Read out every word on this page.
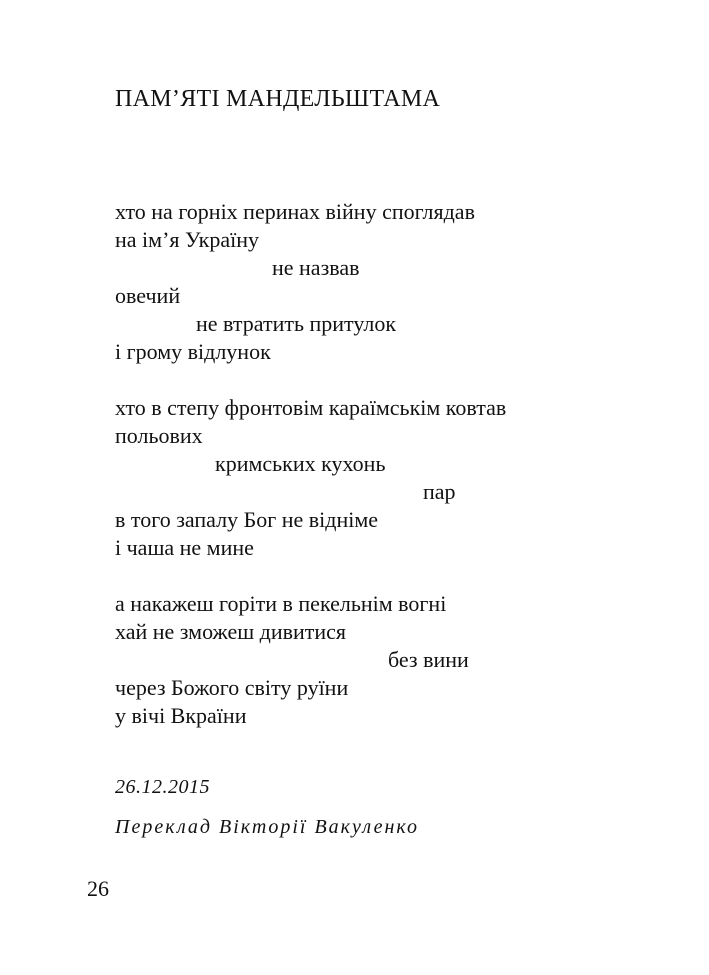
ПАМ’ЯТІ МАНДЕЛЬШТАМА
хто на горніх перинах війну споглядав
на ім’я Україну
не назвав
овечий
не втратить притулок
і грому відлунок
хто в степу фронтовім караїмськім ковтав
польових
кримських кухонь
пар
в того запалу Бог не відніме
і чаша не мине
а накажеш горіти в пекельнім вогні
хай не зможеш дивитися
без вини
через Божого світу руїни
у вічі Вкраїни
26.12.2015
Переклад Вікторії Вакуленко
26
